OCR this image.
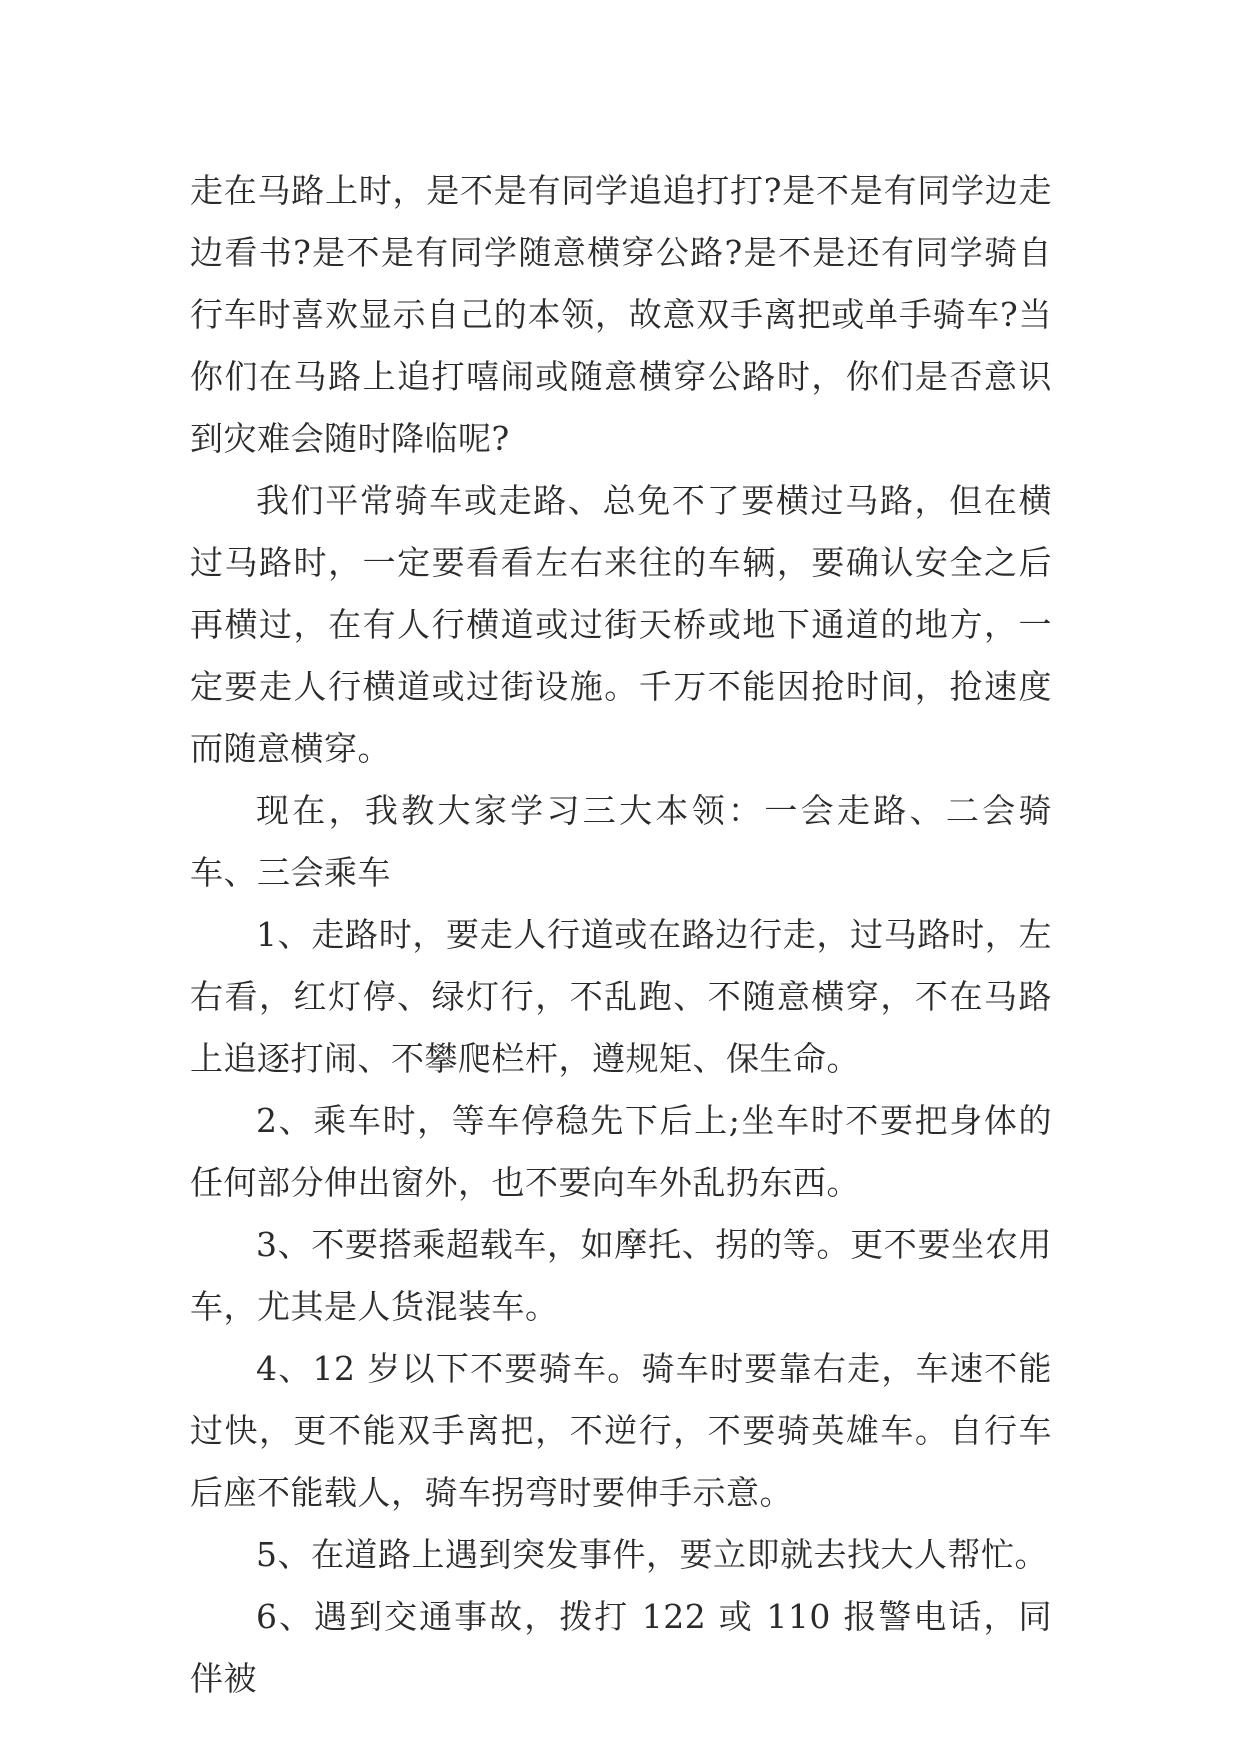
走在马路上时，是不是有同学追追打打?是不是有同学边走边看书?是不是有同学随意横穿公路?是不是还有同学骑自行车时喜欢显示自己的本领，故意双手离把或单手骑车?当你们在马路上追打嘻闹或随意横穿公路时，你们是否意识到灾难会随时降临呢?

我们平常骑车或走路、总免不了要横过马路，但在横过马路时，一定要看看左右来往的车辆，要确认安全之后再横过，在有人行横道或过街天桥或地下通道的地方，一定要走人行横道或过街设施。千万不能因抢时间，抢速度而随意横穿。

现在，我教大家学习三大本领：一会走路、二会骑车、三会乘车

1、走路时，要走人行道或在路边行走，过马路时，左右看，红灯停、绿灯行，不乱跑、不随意横穿，不在马路上追逐打闹、不攀爬栏杆，遵规矩、保生命。

2、乘车时，等车停稳先下后上;坐车时不要把身体的任何部分伸出窗外，也不要向车外乱扔东西。

3、不要搭乘超载车，如摩托、拐的等。更不要坐农用车，尤其是人货混装车。

4、12 岁以下不要骑车。骑车时要靠右走，车速不能过快，更不能双手离把，不逆行，不要骑英雄车。自行车后座不能载人，骑车拐弯时要伸手示意。

5、在道路上遇到突发事件，要立即就去找大人帮忙。

6、遇到交通事故，拨打 122 或 110 报警电话，同伴被
